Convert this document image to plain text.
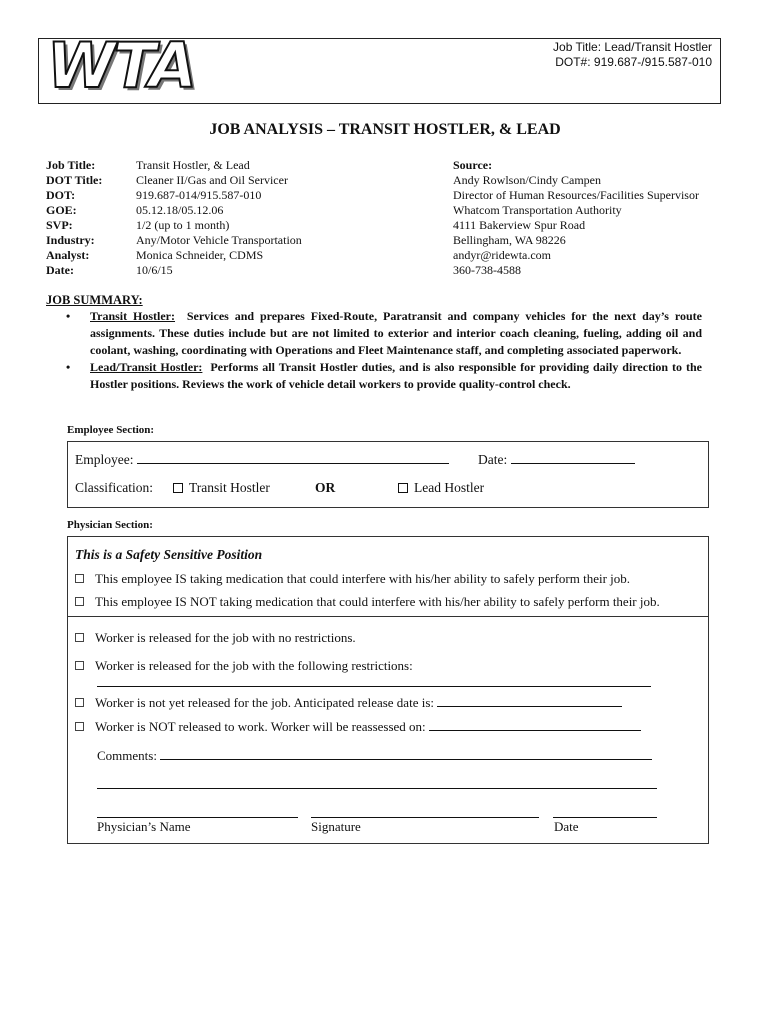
WTA	Job Title: Lead/Transit Hostler
DOT#: 919.687-/915.587-010
JOB ANALYSIS – TRANSIT HOSTLER, & LEAD
Job Title:	Transit Hostler, & Lead
DOT Title:	Cleaner II/Gas and Oil Servicer
DOT:	919.687-014/915.587-010
GOE:	05.12.18/05.12.06
SVP:	1/2 (up to 1 month)
Industry:	Any/Motor Vehicle Transportation
Analyst:	Monica Schneider, CDMS
Date:	10/6/15
Source:
Andy Rowlson/Cindy Campen
Director of Human Resources/Facilities Supervisor
Whatcom Transportation Authority
4111 Bakerview Spur Road
Bellingham, WA 98226
andyr@ridewta.com
360-738-4588
JOB SUMMARY:
• Transit Hostler: Services and prepares Fixed-Route, Paratransit and company vehicles for the next day’s route assignments. These duties include but are not limited to exterior and interior coach cleaning, fueling, adding oil and coolant, washing, coordinating with Operations and Fleet Maintenance staff, and completing associated paperwork.
• Lead/Transit Hostler: Performs all Transit Hostler duties, and is also responsible for providing daily direction to the Hostler positions. Reviews the work of vehicle detail workers to provide quality-control check.
Employee Section:
Employee:	Date:
Classification:	Transit Hostler	OR	Lead Hostler
Physician Section:
This is a Safety Sensitive Position
This employee IS taking medication that could interfere with his/her ability to safely perform their job.
This employee IS NOT taking medication that could interfere with his/her ability to safely perform their job.
Worker is released for the job with no restrictions.
Worker is released for the job with the following restrictions:
Worker is not yet released for the job. Anticipated release date is:
Worker is NOT released to work. Worker will be reassessed on:
Comments:
Physician’s Name	Signature	Date
